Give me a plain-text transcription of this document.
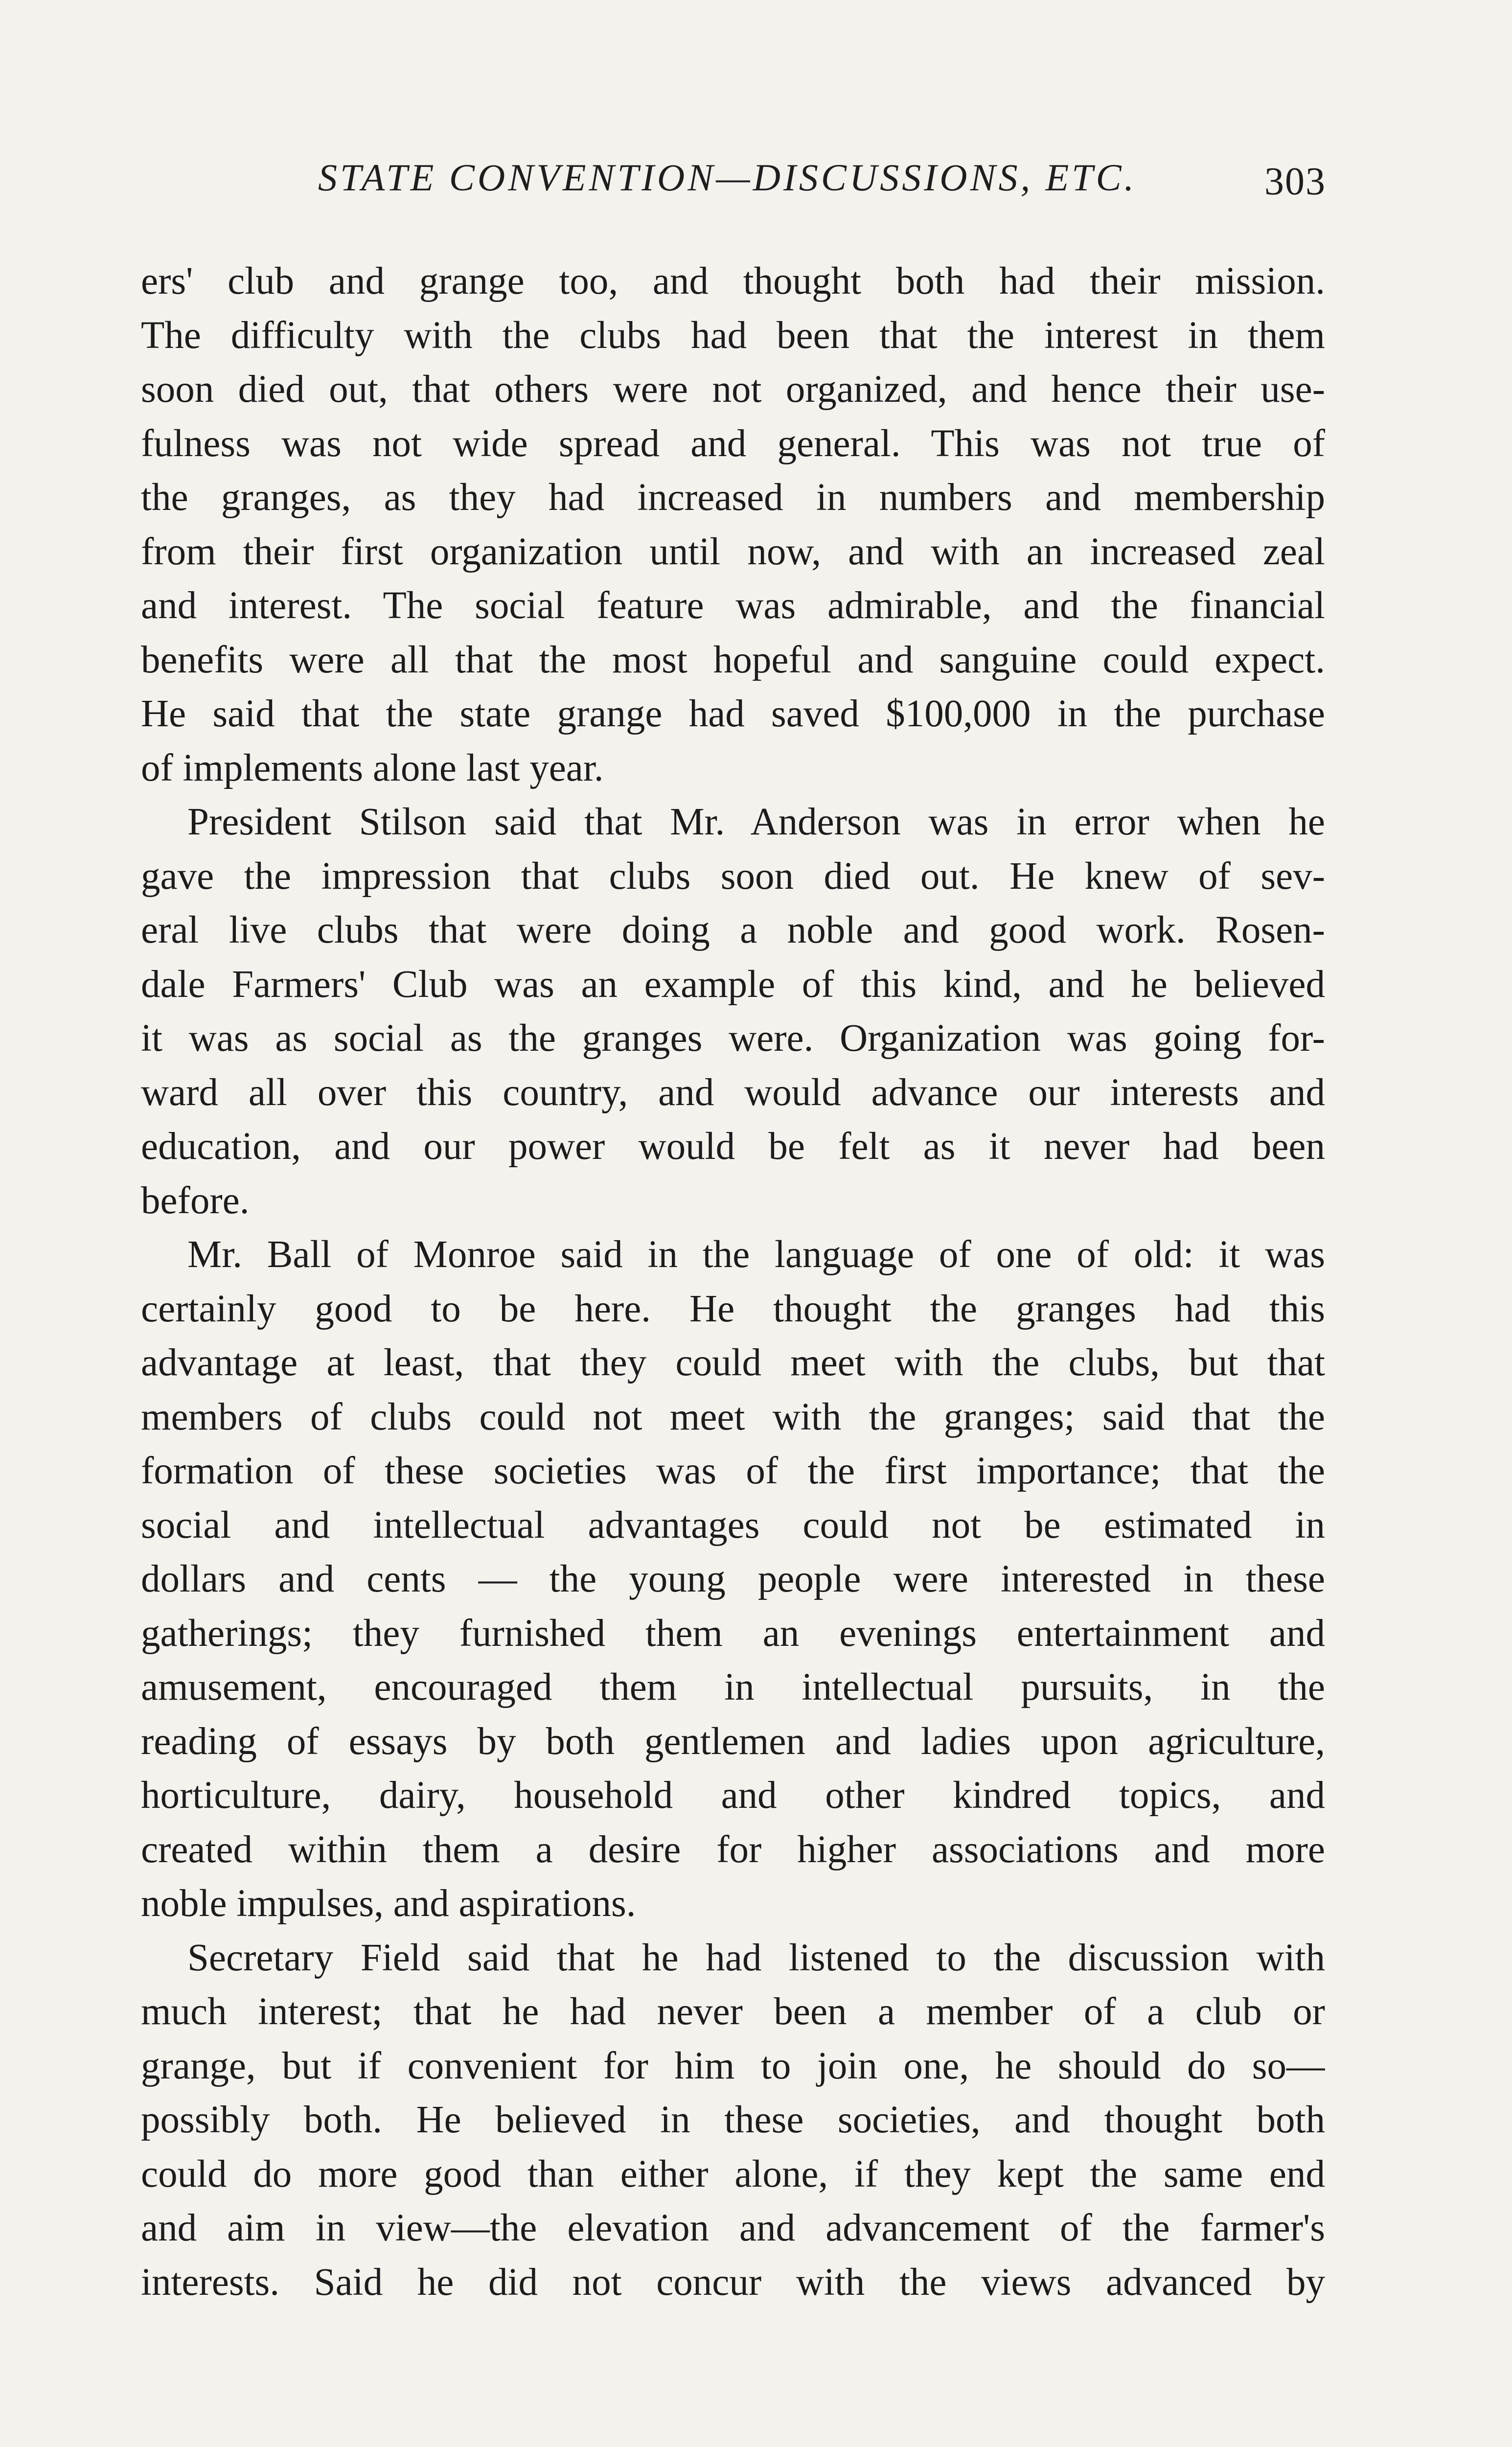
STATE CONVENTION—DISCUSSIONS, ETC.	303
ers' club and grange too, and thought both had their mission.
The difficulty with the clubs had been that the interest in them
soon died out, that others were not organized, and hence their use-
fulness was not wide spread and general. This was not true of
the granges, as they had increased in numbers and membership
from their first organization until now, and with an increased zeal
and interest. The social feature was admirable, and the financial
benefits were all that the most hopeful and sanguine could expect.
He said that the state grange had saved $100,000 in the purchase
of implements alone last year.
President Stilson said that Mr. Anderson was in error when he
gave the impression that clubs soon died out. He knew of sev-
eral live clubs that were doing a noble and good work. Rosen-
dale Farmers' Club was an example of this kind, and he believed
it was as social as the granges were. Organization was going for-
ward all over this country, and would advance our interests and
education, and our power would be felt as it never had been
before.
Mr. Ball of Monroe said in the language of one of old: it was
certainly good to be here. He thought the granges had this
advantage at least, that they could meet with the clubs, but that
members of clubs could not meet with the granges; said that the
formation of these societies was of the first importance; that the
social and intellectual advantages could not be estimated in
dollars and cents — the young people were interested in these
gatherings; they furnished them an evenings entertainment and
amusement, encouraged them in intellectual pursuits, in the
reading of essays by both gentlemen and ladies upon agriculture,
horticulture, dairy, household and other kindred topics, and
created within them a desire for higher associations and more
noble impulses, and aspirations.
Secretary Field said that he had listened to the discussion with
much interest; that he had never been a member of a club or
grange, but if convenient for him to join one, he should do so—
possibly both. He believed in these societies, and thought both
could do more good than either alone, if they kept the same end
and aim in view—the elevation and advancement of the farmer's
interests. Said he did not concur with the views advanced by
